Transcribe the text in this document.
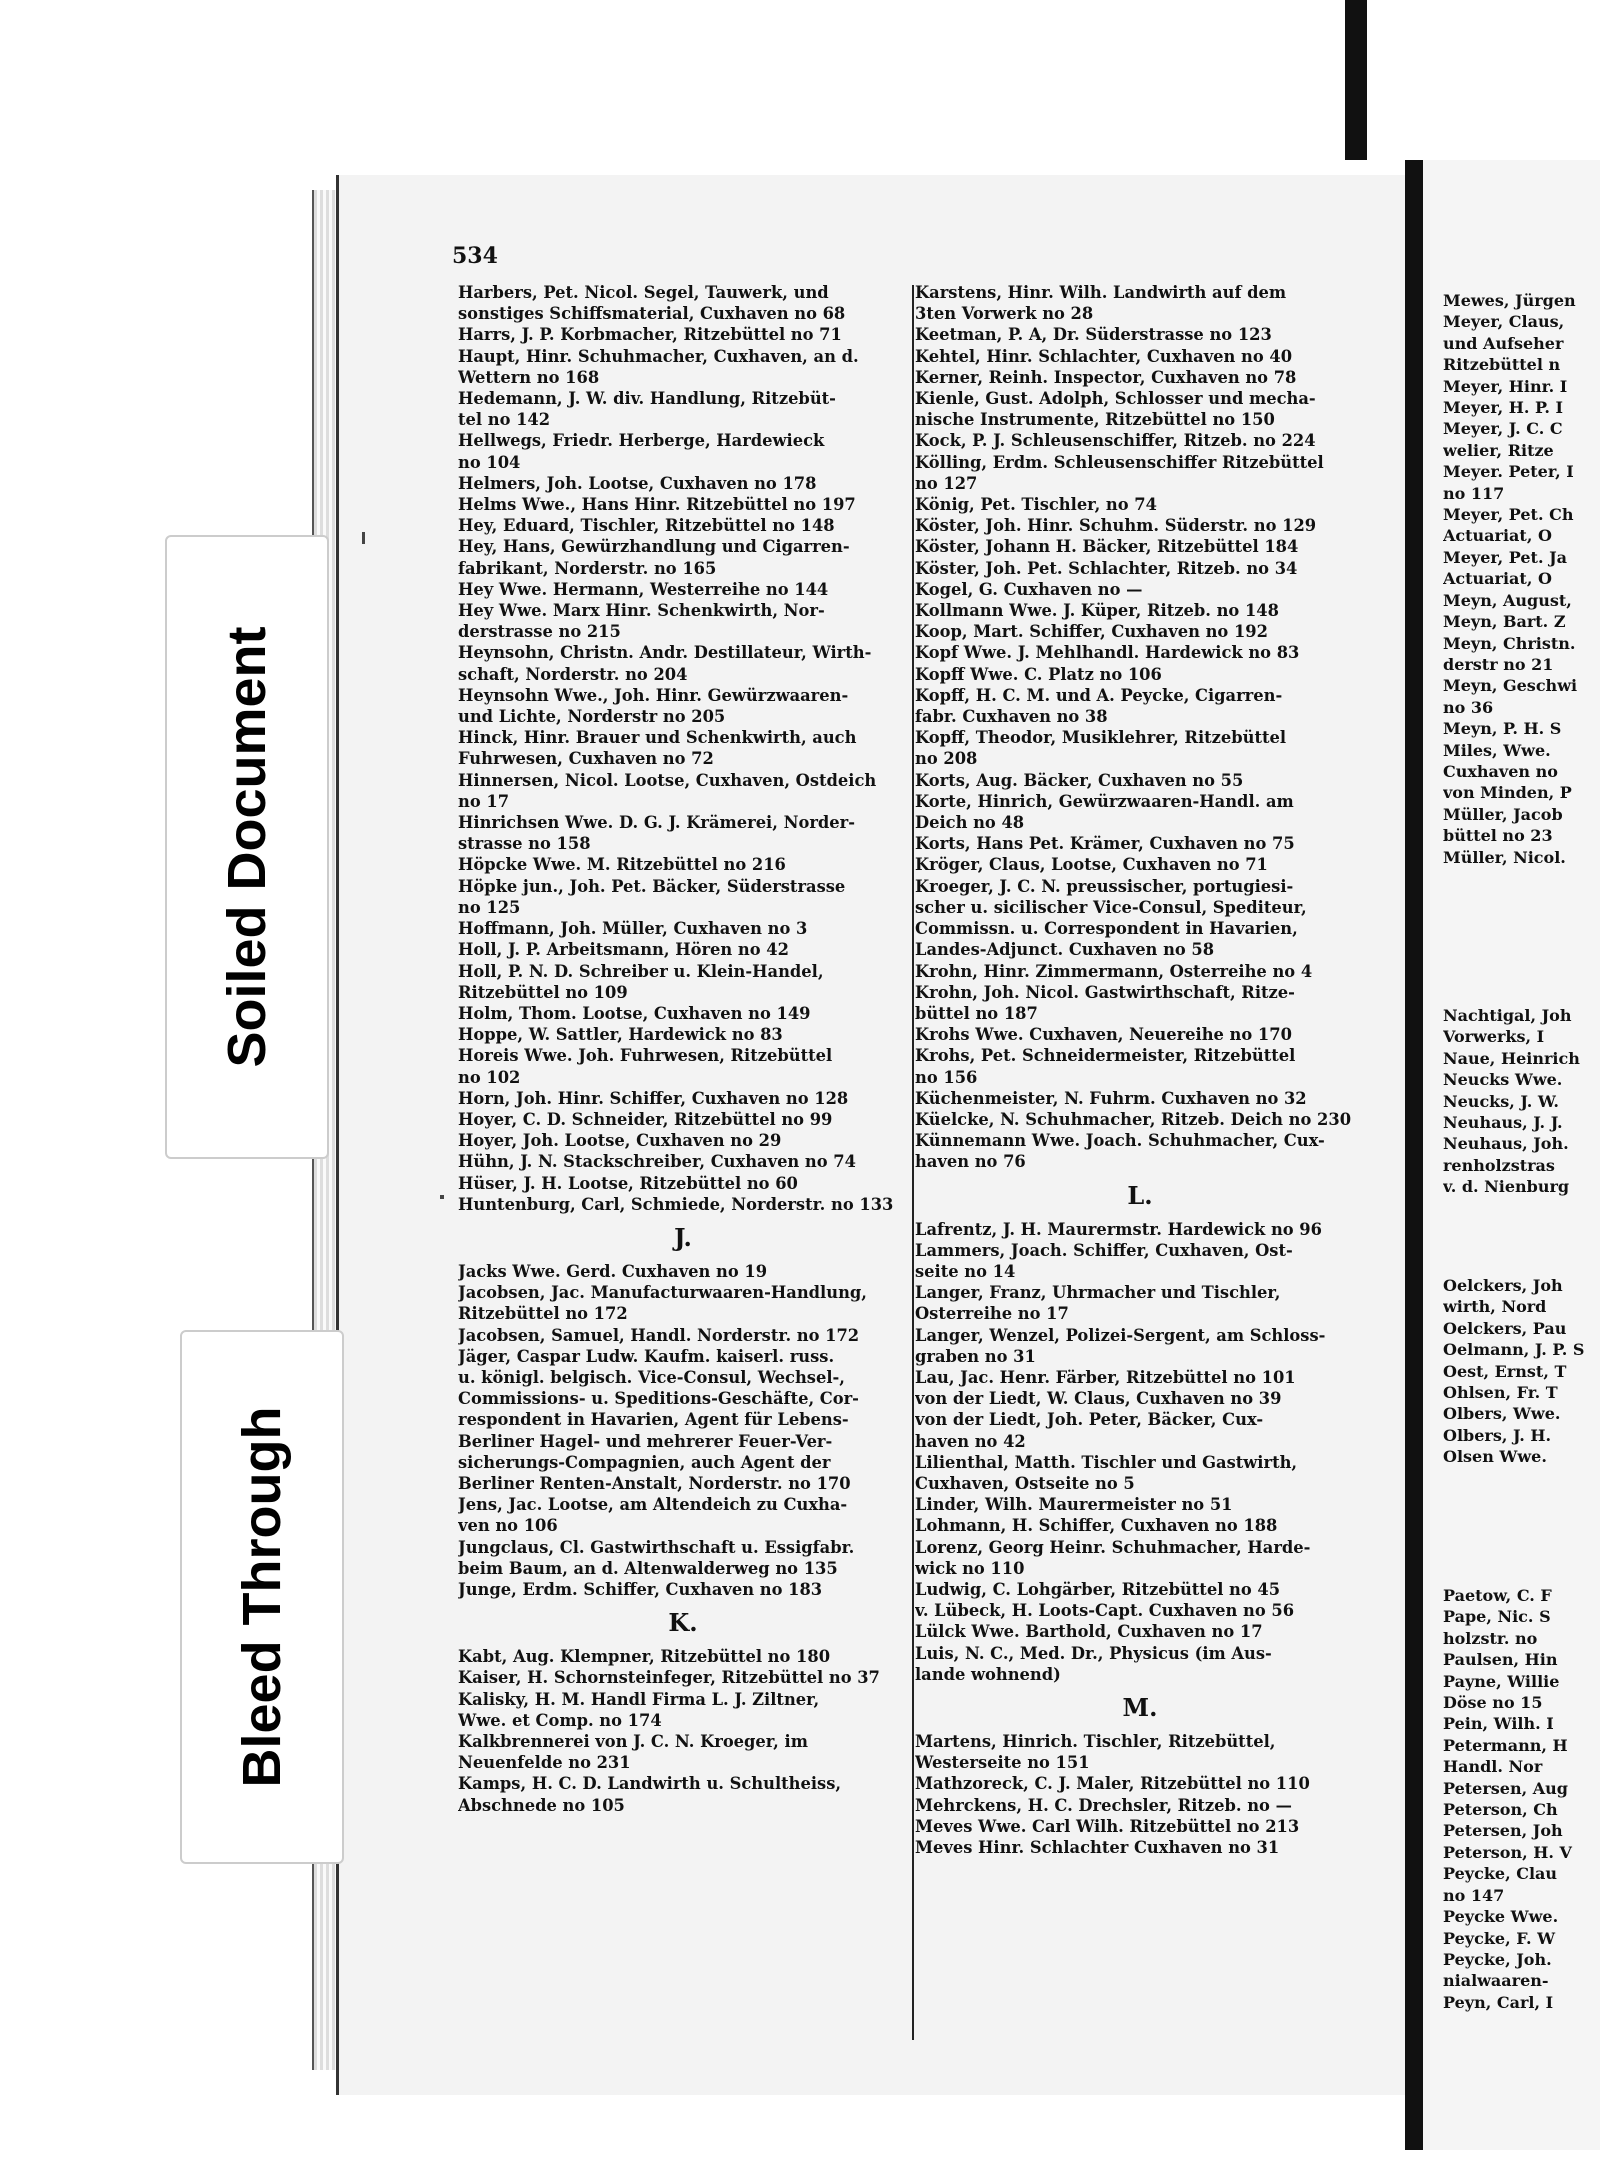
534
Harbers, Pet. Nicol. Segel, Tauwerk, und
sonstiges Schiffsmaterial, Cuxhaven no 68
Harrs, J. P. Korbmacher, Ritzebüttel no 71
Haupt, Hinr. Schuhmacher, Cuxhaven, an d.
Wettern no 168
Hedemann, J. W. div. Handlung, Ritzebüt-
tel no 142
Hellwegs, Friedr. Herberge, Hardewieck
no 104
Helmers, Joh. Lootse, Cuxhaven no 178
Helms Wwe., Hans Hinr. Ritzebüttel no 197
Hey, Eduard, Tischler, Ritzebüttel no 148
Hey, Hans, Gewürzhandlung und Cigarren-
fabrikant, Norderstr. no 165
Hey Wwe. Hermann, Westerreihe no 144
Hey Wwe. Marx Hinr. Schenkwirth, Nor-
derstrasse no 215
Heynsohn, Christn. Andr. Destillateur, Wirth-
schaft, Norderstr. no 204
Heynsohn Wwe., Joh. Hinr. Gewürzwaaren-
und Lichte, Norderstr no 205
Hinck, Hinr. Brauer und Schenkwirth, auch
Fuhrwesen, Cuxhaven no 72
Hinnersen, Nicol. Lootse, Cuxhaven, Ostdeich
no 17
Hinrichsen Wwe. D. G. J. Krämerei, Norder-
strasse no 158
Höpcke Wwe. M. Ritzebüttel no 216
Höpke jun., Joh. Pet. Bäcker, Süderstrasse
no 125
Hoffmann, Joh. Müller, Cuxhaven no 3
Holl, J. P. Arbeitsmann, Hören no 42
Holl, P. N. D. Schreiber u. Klein-Handel,
Ritzebüttel no 109
Holm, Thom. Lootse, Cuxhaven no 149
Hoppe, W. Sattler, Hardewick no 83
Horeis Wwe. Joh. Fuhrwesen, Ritzebüttel
no 102
Horn, Joh. Hinr. Schiffer, Cuxhaven no 128
Hoyer, C. D. Schneider, Ritzebüttel no 99
Hoyer, Joh. Lootse, Cuxhaven no 29
Hühn, J. N. Stackschreiber, Cuxhaven no 74
Hüser, J. H. Lootse, Ritzebüttel no 60
Huntenburg, Carl, Schmiede, Norderstr. no 133
J.
Jacks Wwe. Gerd. Cuxhaven no 19
Jacobsen, Jac. Manufacturwaaren-Handlung,
Ritzebüttel no 172
Jacobsen, Samuel, Handl. Norderstr. no 172
Jäger, Caspar Ludw. Kaufm. kaiserl. russ.
u. königl. belgisch. Vice-Consul, Wechsel-,
Commissions- u. Speditions-Geschäfte, Cor-
respondent in Havarien, Agent für Lebens-
Berliner Hagel- und mehrerer Feuer-Ver-
sicherungs-Compagnien, auch Agent der
Berliner Renten-Anstalt, Norderstr. no 170
Jens, Jac. Lootse, am Altendeich zu Cuxha-
ven no 106
Jungclaus, Cl. Gastwirthschaft u. Essigfabr.
beim Baum, an d. Altenwalderweg no 135
Junge, Erdm. Schiffer, Cuxhaven no 183
K.
Kabt, Aug. Klempner, Ritzebüttel no 180
Kaiser, H. Schornsteinfeger, Ritzebüttel no 37
Kalisky, H. M. Handl Firma L. J. Ziltner,
Wwe. et Comp. no 174
Kalkbrennerei von J. C. N. Kroeger, im
Neuenfelde no 231
Kamps, H. C. D. Landwirth u. Schultheiss,
Abschnede no 105
Karstens, Hinr. Wilh. Landwirth auf dem
3ten Vorwerk no 28
Keetman, P. A, Dr. Süderstrasse no 123
Kehtel, Hinr. Schlachter, Cuxhaven no 40
Kerner, Reinh. Inspector, Cuxhaven no 78
Kienle, Gust. Adolph, Schlosser und mecha-
nische Instrumente, Ritzebüttel no 150
Kock, P. J. Schleusenschiffer, Ritzeb. no 224
Kölling, Erdm. Schleusenschiffer Ritzebüttel
no 127
König, Pet. Tischler, no 74
Köster, Joh. Hinr. Schuhm. Süderstr. no 129
Köster, Johann H. Bäcker, Ritzebüttel 184
Köster, Joh. Pet. Schlachter, Ritzeb. no 34
Kogel, G. Cuxhaven no —
Kollmann Wwe. J. Küper, Ritzeb. no 148
Koop, Mart. Schiffer, Cuxhaven no 192
Kopf Wwe. J. Mehlhandl. Hardewick no 83
Kopff Wwe. C. Platz no 106
Kopff, H. C. M. und A. Peycke, Cigarren-
fabr. Cuxhaven no 38
Kopff, Theodor, Musiklehrer, Ritzebüttel
no 208
Korts, Aug. Bäcker, Cuxhaven no 55
Korte, Hinrich, Gewürzwaaren-Handl. am
Deich no 48
Korts, Hans Pet. Krämer, Cuxhaven no 75
Kröger, Claus, Lootse, Cuxhaven no 71
Kroeger, J. C. N. preussischer, portugiesi-
scher u. sicilischer Vice-Consul, Spediteur,
Commissn. u. Correspondent in Havarien,
Landes-Adjunct. Cuxhaven no 58
Krohn, Hinr. Zimmermann, Osterreihe no 4
Krohn, Joh. Nicol. Gastwirthschaft, Ritze-
büttel no 187
Krohs Wwe. Cuxhaven, Neuereihe no 170
Krohs, Pet. Schneidermeister, Ritzebüttel
no 156
Küchenmeister, N. Fuhrm. Cuxhaven no 32
Küelcke, N. Schuhmacher, Ritzeb. Deich no 230
Künnemann Wwe. Joach. Schuhmacher, Cux-
haven no 76
L.
Lafrentz, J. H. Maurermstr. Hardewick no 96
Lammers, Joach. Schiffer, Cuxhaven, Ost-
seite no 14
Langer, Franz, Uhrmacher und Tischler,
Osterreihe no 17
Langer, Wenzel, Polizei-Sergent, am Schloss-
graben no 31
Lau, Jac. Henr. Färber, Ritzebüttel no 101
von der Liedt, W. Claus, Cuxhaven no 39
von der Liedt, Joh. Peter, Bäcker, Cux-
haven no 42
Lilienthal, Matth. Tischler und Gastwirth,
Cuxhaven, Ostseite no 5
Linder, Wilh. Maurermeister no 51
Lohmann, H. Schiffer, Cuxhaven no 188
Lorenz, Georg Heinr. Schuhmacher, Harde-
wick no 110
Ludwig, C. Lohgärber, Ritzebüttel no 45
v. Lübeck, H. Loots-Capt. Cuxhaven no 56
Lülck Wwe. Barthold, Cuxhaven no 17
Luis, N. C., Med. Dr., Physicus (im Aus-
lande wohnend)
M.
Martens, Hinrich. Tischler, Ritzebüttel,
Westerseite no 151
Mathzoreck, C. J. Maler, Ritzebüttel no 110
Mehrckens, H. C. Drechsler, Ritzeb. no —
Meves Wwe. Carl Wilh. Ritzebüttel no 213
Meves Hinr. Schlachter Cuxhaven no 31
Mewes, Jürgen
Meyer, Claus,
und Aufseher
Ritzebüttel n
Meyer, Hinr. I
Meyer, H. P. I
Meyer, J. C. C
welier, Ritze
Meyer. Peter, I
no 117
Meyer, Pet. Ch
Actuariat, O
Meyer, Pet. Ja
Actuariat, O
Meyn, August,
Meyn, Bart. Z
Meyn, Christn.
derstr no 21
Meyn, Geschwi
no 36
Meyn, P. H. S
Miles, Wwe.
Cuxhaven no
von Minden, P
Müller, Jacob
büttel no 23
Müller, Nicol.
Nachtigal, Joh
Vorwerks, I
Naue, Heinrich
Neucks Wwe.
Neucks, J. W.
Neuhaus, J. J.
Neuhaus, Joh.
renholzstras
v. d. Nienburg
Oelckers, Joh
wirth, Nord
Oelckers, Pau
Oelmann, J. P. S
Oest, Ernst, T
Ohlsen, Fr. T
Olbers, Wwe.
Olbers, J. H.
Olsen Wwe.
Paetow, C. F
Pape, Nic. S
holzstr. no
Paulsen, Hin
Payne, Willie
Döse no 15
Pein, Wilh. I
Petermann, H
Handl. Nor
Petersen, Aug
Peterson, Ch
Petersen, Joh
Peterson, H. V
Peycke, Clau
no 147
Peycke Wwe.
Peycke, F. W
Peycke, Joh.
nialwaaren-
Peyn, Carl, I
Soiled Document
Bleed Through
